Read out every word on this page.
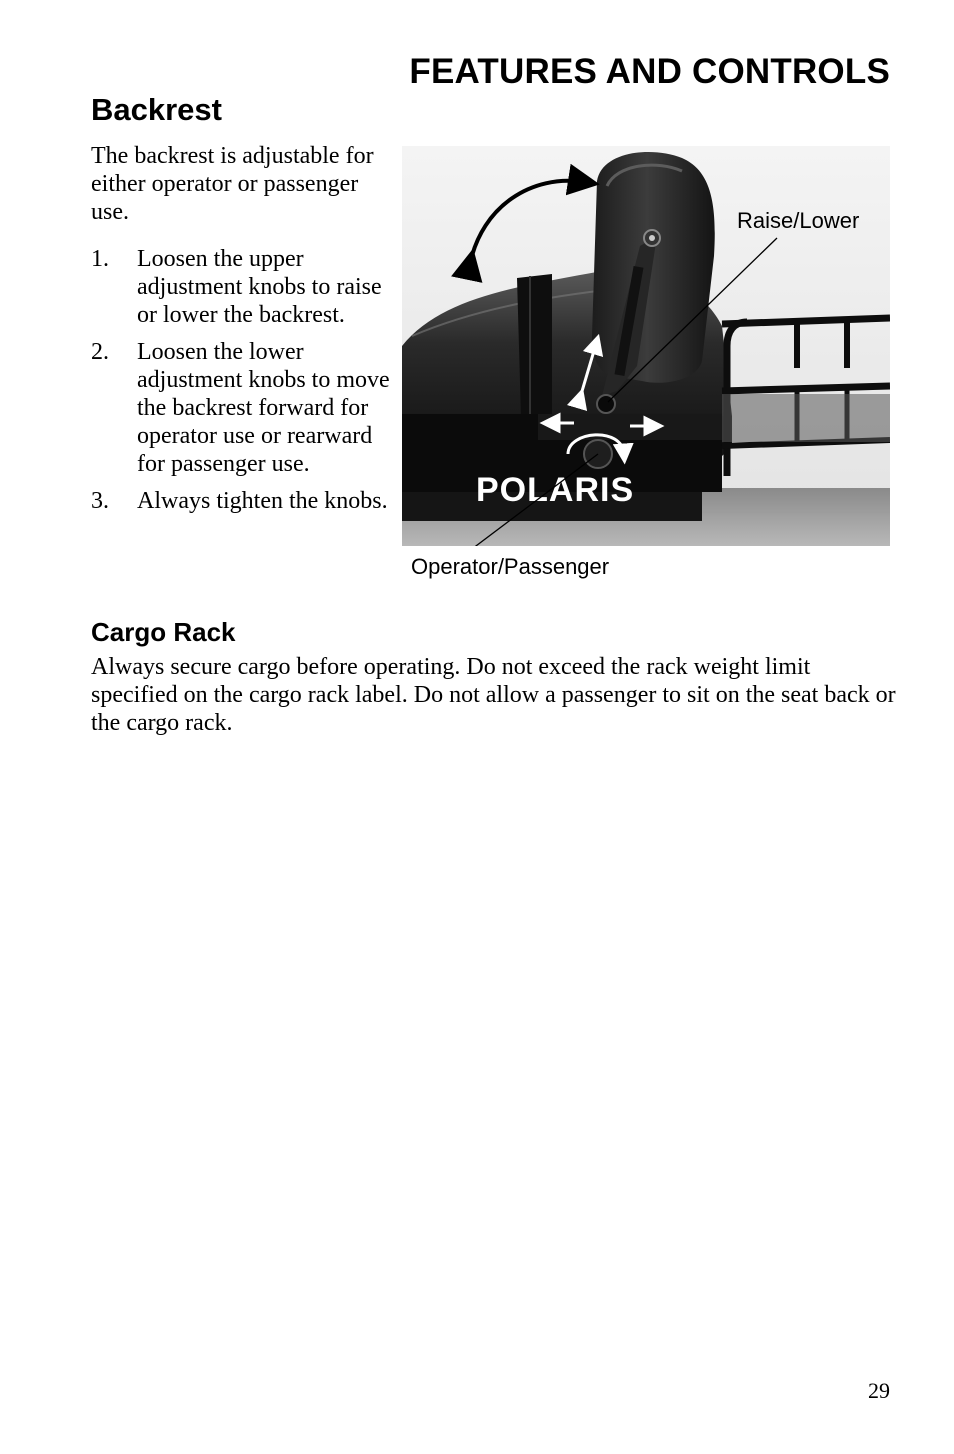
FEATURES AND CONTROLS
Backrest

The backrest is adjustable for either operator or passenger use.

1. Loosen the upper adjustment knobs to raise or lower the backrest.
2. Loosen the lower adjustment knobs to move the backrest forward for operator use or rearward for passenger use.
3. Always tighten the knobs.	POLARIS

Raise/Lower

Operator/Passenger

Cargo Rack

Always secure cargo before operating. Do not exceed the rack weight limit specified on the cargo rack label. Do not allow a passenger to sit on the seat back or the cargo rack.

29
